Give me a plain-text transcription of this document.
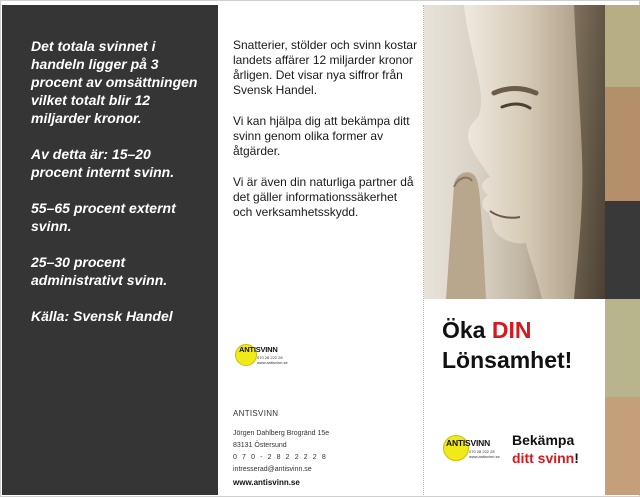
Det totala svinnet i handeln ligger på 3 procent av omsättningen vilket totalt blir 12 miljarder kronor.

Av detta är: 15–20 procent internt svinn.

55–65 procent externt svinn.

25–30 procent administrativt svinn.

Källa: Svensk Handel

Snatterier, stölder och svinn kostar landets affärer 12 miljarder kronor årligen. Det visar nya siffror från Svensk Handel.

Vi kan hjälpa dig att bekämpa ditt svinn genom olika former av åtgärder.

Vi är även din naturliga partner då det gäller informationssäkerhet och verksamhetsskydd.

ANTISVINN
070 28 222 28
www.antisvinn.se
ANTISVINN
Jörgen Dahlberg Brogränd 15e
83131 Östersund
0 7 0 - 2 8 2 2 2 2 8
intresserad@antisvinn.se
www.antisvinn.se
Öka DIN
Lönsamhet!
ANTISVINN
070 28 222 28
www.antisvinn.se
Bekämpa
ditt svinn!
